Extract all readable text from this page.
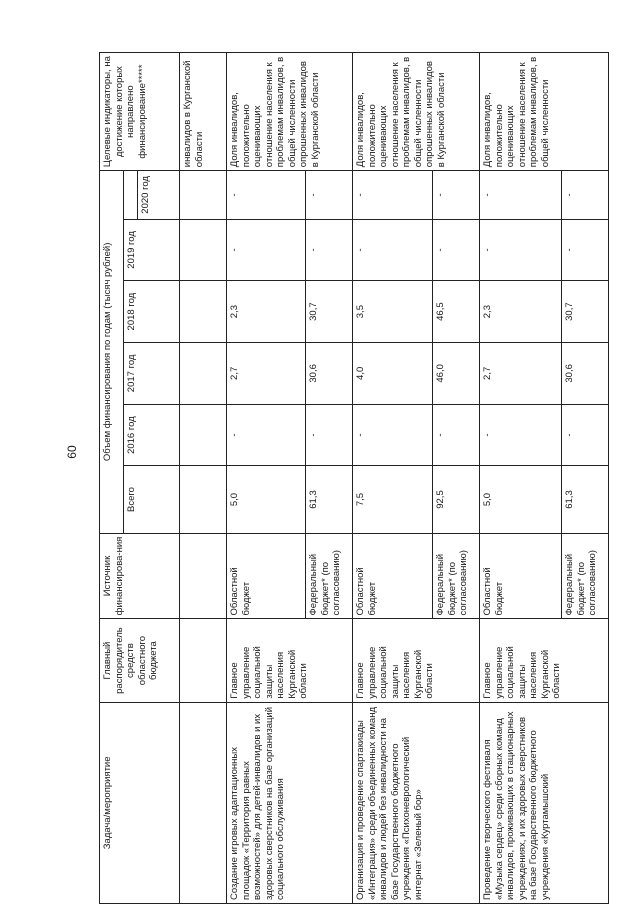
60
Задача/мероприятие	Главный распорядитель средств областного бюджета	Источник финансирова-ния	Объем финансирования по годам (тысяч рублей)						Целевые индикаторы, на достижение которых направлено финансирование*****
			Всего	2016 год	2017 год	2018 год	2019 год		
								2020 год	
									инвалидов в Курганской области
Создание игровых адаптационных площадок «Территория равных возможностей» для детей-инвалидов и их здоровых сверстников на базе организаций социального обслуживания	Главное управление социальной защиты населения Курганской области	Областной бюджет	5,0	-	2,7	2,3	-	-	Доля инвалидов, положительно оценивающих отношение населения к проблемам инвалидов, в общей численности опрошенных инвалидов в Курганской области
		Федеральный бюджет* (по согласованию)	61,3	-	30,6	30,7	-	-	
Организация и проведение спартакиады «Интеграция» среди объединенных команд инвалидов и людей без инвалидности на базе Государственного бюджетного учреждения «Психоневрологический интернат «Зеленый бор»	Главное управление социальной защиты населения Курганской области	Областной бюджет	7,5	-	4,0	3,5	-	-	Доля инвалидов, положительно оценивающих отношение населения к проблемам инвалидов, в общей численности опрошенных инвалидов в Курганской области
		Федеральный бюджет* (по согласованию)	92,5	-	46,0	46,5	-	-	
Проведение творческого фестиваля «Музыка сердец» среди сборных команд инвалидов, проживающих в стационарных учреждениях, и их здоровых сверстников на базе Государственного бюджетного учреждения «Куртамышский	Главное управление социальной защиты населения Курганской области	Областной бюджет	5,0	-	2,7	2,3	-	-	Доля инвалидов, положительно оценивающих отношение населения к проблемам инвалидов, в общей численности
		Федеральный бюджет* (по согласованию)	61,3	-	30,6	30,7	-	-	
